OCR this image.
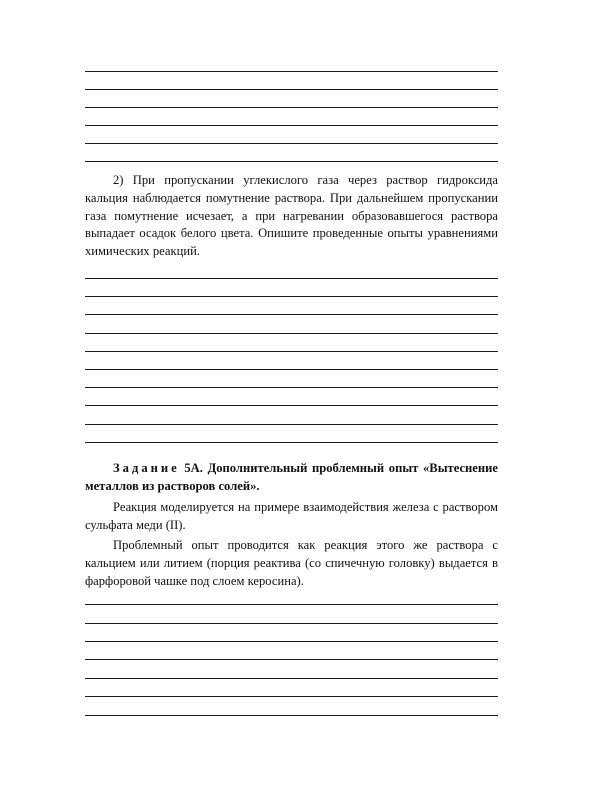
2) При пропускании углекислого газа через раствор гидроксида кальция наблюдается помутнение раствора. При дальнейшем пропускании газа помутнение исчезает, а при нагревании образовавшегося раствора выпадает осадок белого цвета. Опишите проведенные опыты уравнениями химических реакций.
Задание 5А. Дополнительный проблемный опыт «Вытеснение металлов из растворов солей».
Реакция моделируется на примере взаимодействия железа с раствором сульфата меди (II).
Проблемный опыт проводится как реакция этого же раствора с кальцием или литием (порция реактива (со спичечную головку) выдается в фарфоровой чашке под слоем керосина).
